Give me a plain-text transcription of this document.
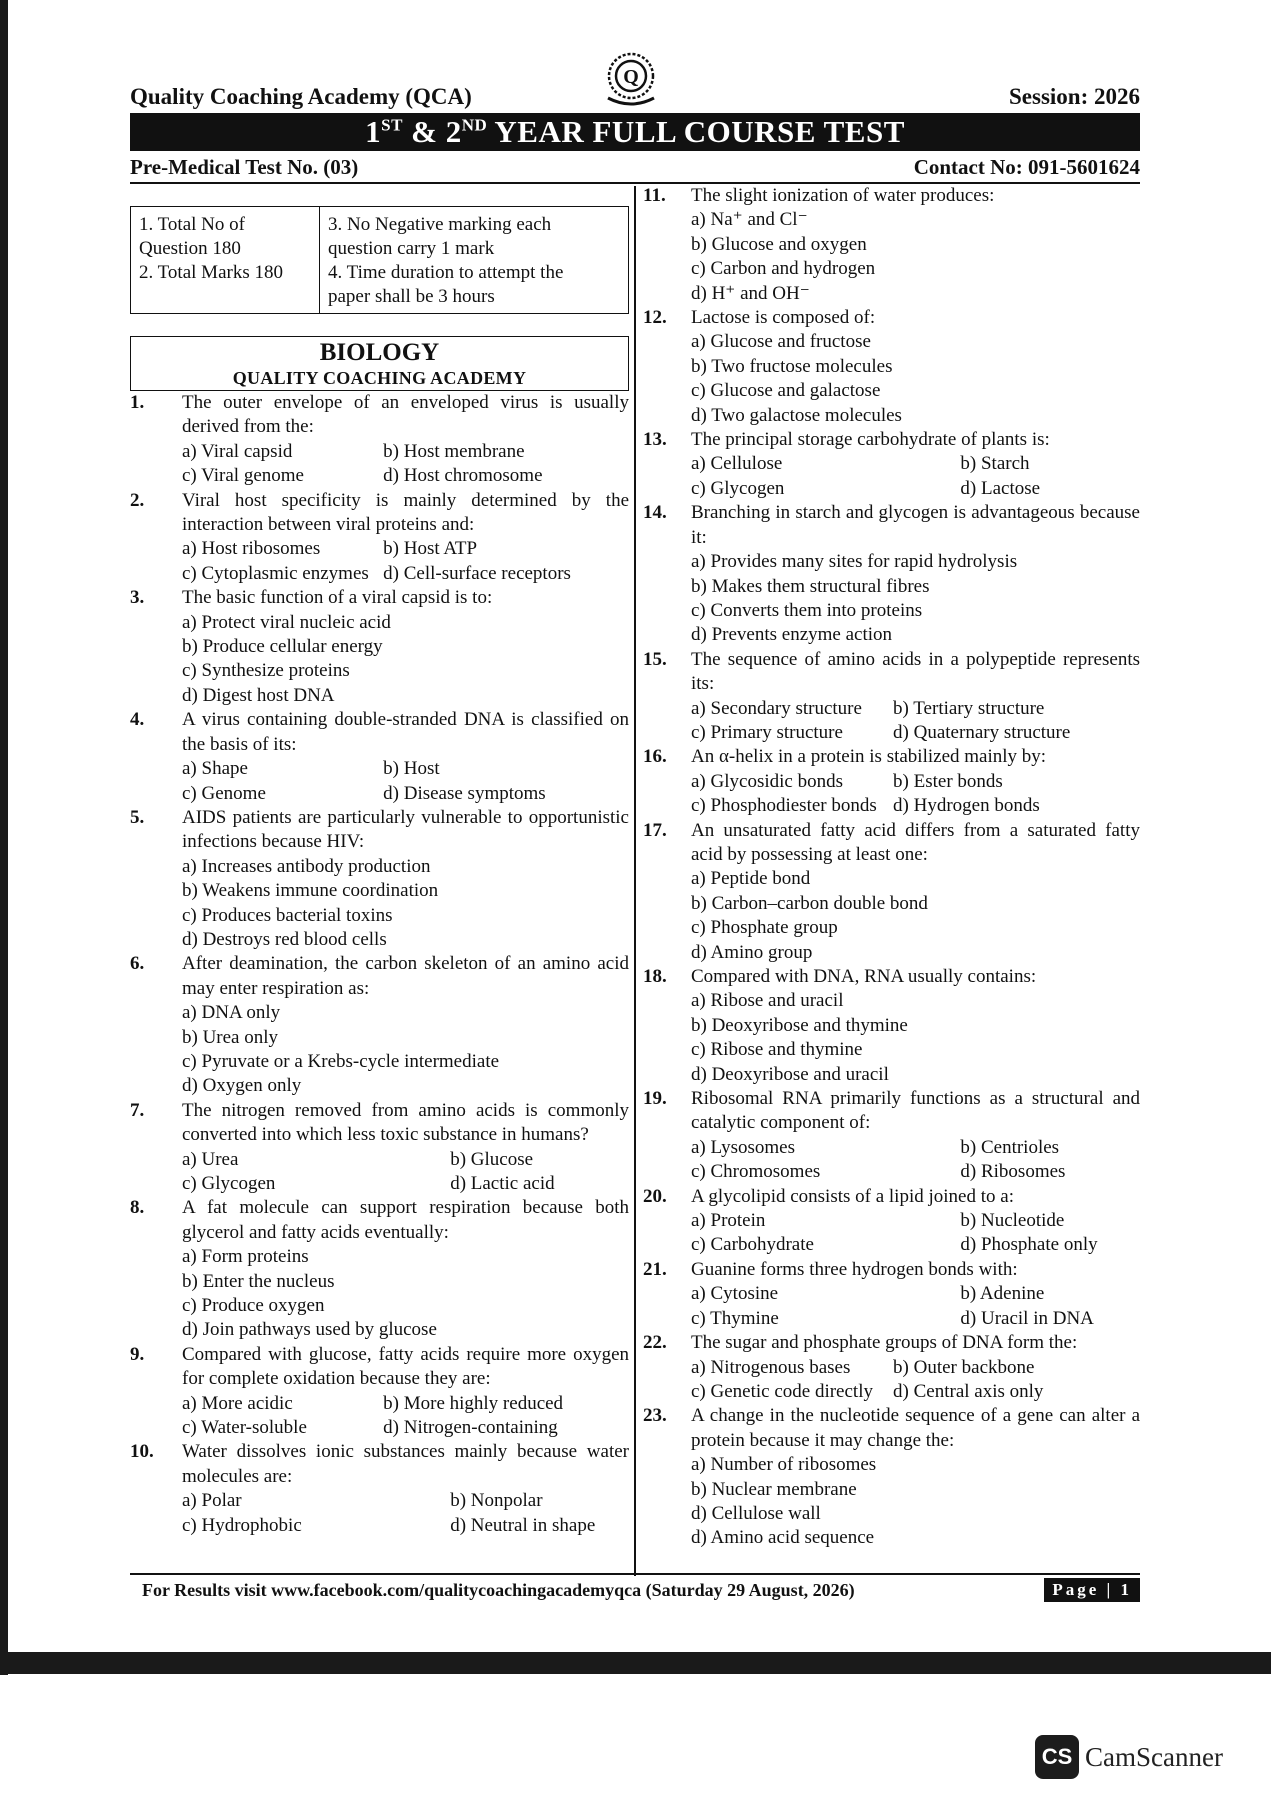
Quality Coaching Academy (QCA)
Q
Session: 2026
1ST & 2ND YEAR FULL COURSE TEST
Pre-Medical Test No. (03)	Contact No: 091-5601624
1. Total No of
Question 180
2. Total Marks 180
3. No Negative marking each
question carry 1 mark
4. Time duration to attempt the
paper shall be 3 hours
BIOLOGY
QUALITY COACHING ACADEMY
1. The outer envelope of an enveloped virus is usually derived from the:
a) Viral capsid	b) Host membrane
c) Viral genome	d) Host chromosome
2. Viral host specificity is mainly determined by the interaction between viral proteins and:
a) Host ribosomes	b) Host ATP
c) Cytoplasmic enzymes d) Cell-surface receptors
3. The basic function of a viral capsid is to:
a) Protect viral nucleic acid
b) Produce cellular energy
c) Synthesize proteins
d) Digest host DNA
4. A virus containing double-stranded DNA is classified on the basis of its:
a) Shape	b) Host
c) Genome	d) Disease symptoms
5. AIDS patients are particularly vulnerable to opportunistic infections because HIV:
a) Increases antibody production
b) Weakens immune coordination
c) Produces bacterial toxins
d) Destroys red blood cells
6. After deamination, the carbon skeleton of an amino acid may enter respiration as:
a) DNA only
b) Urea only
c) Pyruvate or a Krebs-cycle intermediate
d) Oxygen only
7. The nitrogen removed from amino acids is commonly converted into which less toxic substance in humans?
a) Urea	b) Glucose
c) Glycogen	d) Lactic acid
8. A fat molecule can support respiration because both glycerol and fatty acids eventually:
a) Form proteins
b) Enter the nucleus
c) Produce oxygen
d) Join pathways used by glucose
9. Compared with glucose, fatty acids require more oxygen for complete oxidation because they are:
a) More acidic	b) More highly reduced
c) Water-soluble	d) Nitrogen-containing
10. Water dissolves ionic substances mainly because water molecules are:
a) Polar	b) Nonpolar
c) Hydrophobic	d) Neutral in shape
11. The slight ionization of water produces:
a) Na⁺ and Cl⁻
b) Glucose and oxygen
c) Carbon and hydrogen
d) H⁺ and OH⁻
12. Lactose is composed of:
a) Glucose and fructose
b) Two fructose molecules
c) Glucose and galactose
d) Two galactose molecules
13. The principal storage carbohydrate of plants is:
a) Cellulose	b) Starch
c) Glycogen	d) Lactose
14. Branching in starch and glycogen is advantageous because it:
a) Provides many sites for rapid hydrolysis
b) Makes them structural fibres
c) Converts them into proteins
d) Prevents enzyme action
15. The sequence of amino acids in a polypeptide represents its:
a) Secondary structure	b) Tertiary structure
c) Primary structure	d) Quaternary structure
16. An α-helix in a protein is stabilized mainly by:
a) Glycosidic bonds	b) Ester bonds
c) Phosphodiester bonds d) Hydrogen bonds
17. An unsaturated fatty acid differs from a saturated fatty acid by possessing at least one:
a) Peptide bond
b) Carbon–carbon double bond
c) Phosphate group
d) Amino group
18. Compared with DNA, RNA usually contains:
a) Ribose and uracil
b) Deoxyribose and thymine
c) Ribose and thymine
d) Deoxyribose and uracil
19. Ribosomal RNA primarily functions as a structural and catalytic component of:
a) Lysosomes	b) Centrioles
c) Chromosomes	d) Ribosomes
20. A glycolipid consists of a lipid joined to a:
a) Protein	b) Nucleotide
c) Carbohydrate	d) Phosphate only
21. Guanine forms three hydrogen bonds with:
a) Cytosine	b) Adenine
c) Thymine	d) Uracil in DNA
22. The sugar and phosphate groups of DNA form the:
a) Nitrogenous bases	b) Outer backbone
c) Genetic code directly	d) Central axis only
23. A change in the nucleotide sequence of a gene can alter a protein because it may change the:
a) Number of ribosomes
b) Nuclear membrane
d) Cellulose wall
d) Amino acid sequence
For Results visit www.facebook.com/qualitycoachingacademyqca (Saturday 29 August, 2026)	Page | 1
CS CamScanner
